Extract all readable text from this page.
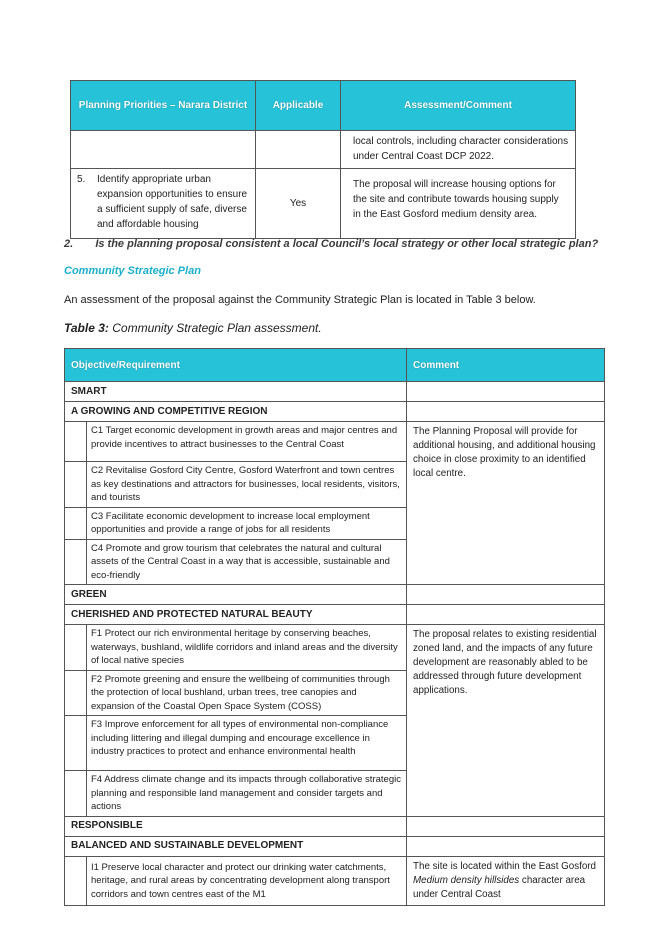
Planning Priorities – Narara District	Applicable	Assessment/Comment
		local controls, including character considerations under Central Coast DCP 2022.

5. Identify appropriate urban expansion opportunities to ensure a sufficient supply of safe, diverse and affordable housing	Yes	The proposal will increase housing options for the site and contribute towards housing supply in the East Gosford medium density area.
2. Is the planning proposal consistent a local Council’s local strategy or other local strategic plan?
Community Strategic Plan
An assessment of the proposal against the Community Strategic Plan is located in Table 3 below.
Table 3: Community Strategic Plan assessment.
Objective/Requirement		Comment
SMART		
A GROWING AND COMPETITIVE REGION		
	C1 Target economic development in growth areas and major centres and provide incentives to attract businesses to the Central Coast	The Planning Proposal will provide for additional housing, and additional housing choice in close proximity to an identified local centre.
	C2 Revitalise Gosford City Centre, Gosford Waterfront and town centres as key destinations and attractors for businesses, local residents, visitors, and tourists	
	C3 Facilitate economic development to increase local employment opportunities and provide a range of jobs for all residents	
	C4 Promote and grow tourism that celebrates the natural and cultural assets of the Central Coast in a way that is accessible, sustainable and eco-friendly	
GREEN		
CHERISHED AND PROTECTED NATURAL BEAUTY		
	F1 Protect our rich environmental heritage by conserving beaches, waterways, bushland, wildlife corridors and inland areas and the diversity of local native species	The proposal relates to existing residential zoned land, and the impacts of any future development are reasonably abled to be addressed through future development applications.
	F2 Promote greening and ensure the wellbeing of communities through the protection of local bushland, urban trees, tree canopies and expansion of the Coastal Open Space System (COSS)	
	F3 Improve enforcement for all types of environmental non-compliance including littering and illegal dumping and encourage excellence in industry practices to protect and enhance environmental health	
	F4 Address climate change and its impacts through collaborative strategic planning and responsible land management and consider targets and actions	
RESPONSIBLE		
BALANCED AND SUSTAINABLE DEVELOPMENT		
	I1 Preserve local character and protect our drinking water catchments, heritage, and rural areas by concentrating development along transport corridors and town centres east of the M1	The site is located within the East Gosford Medium density hillsides character area under Central Coast
